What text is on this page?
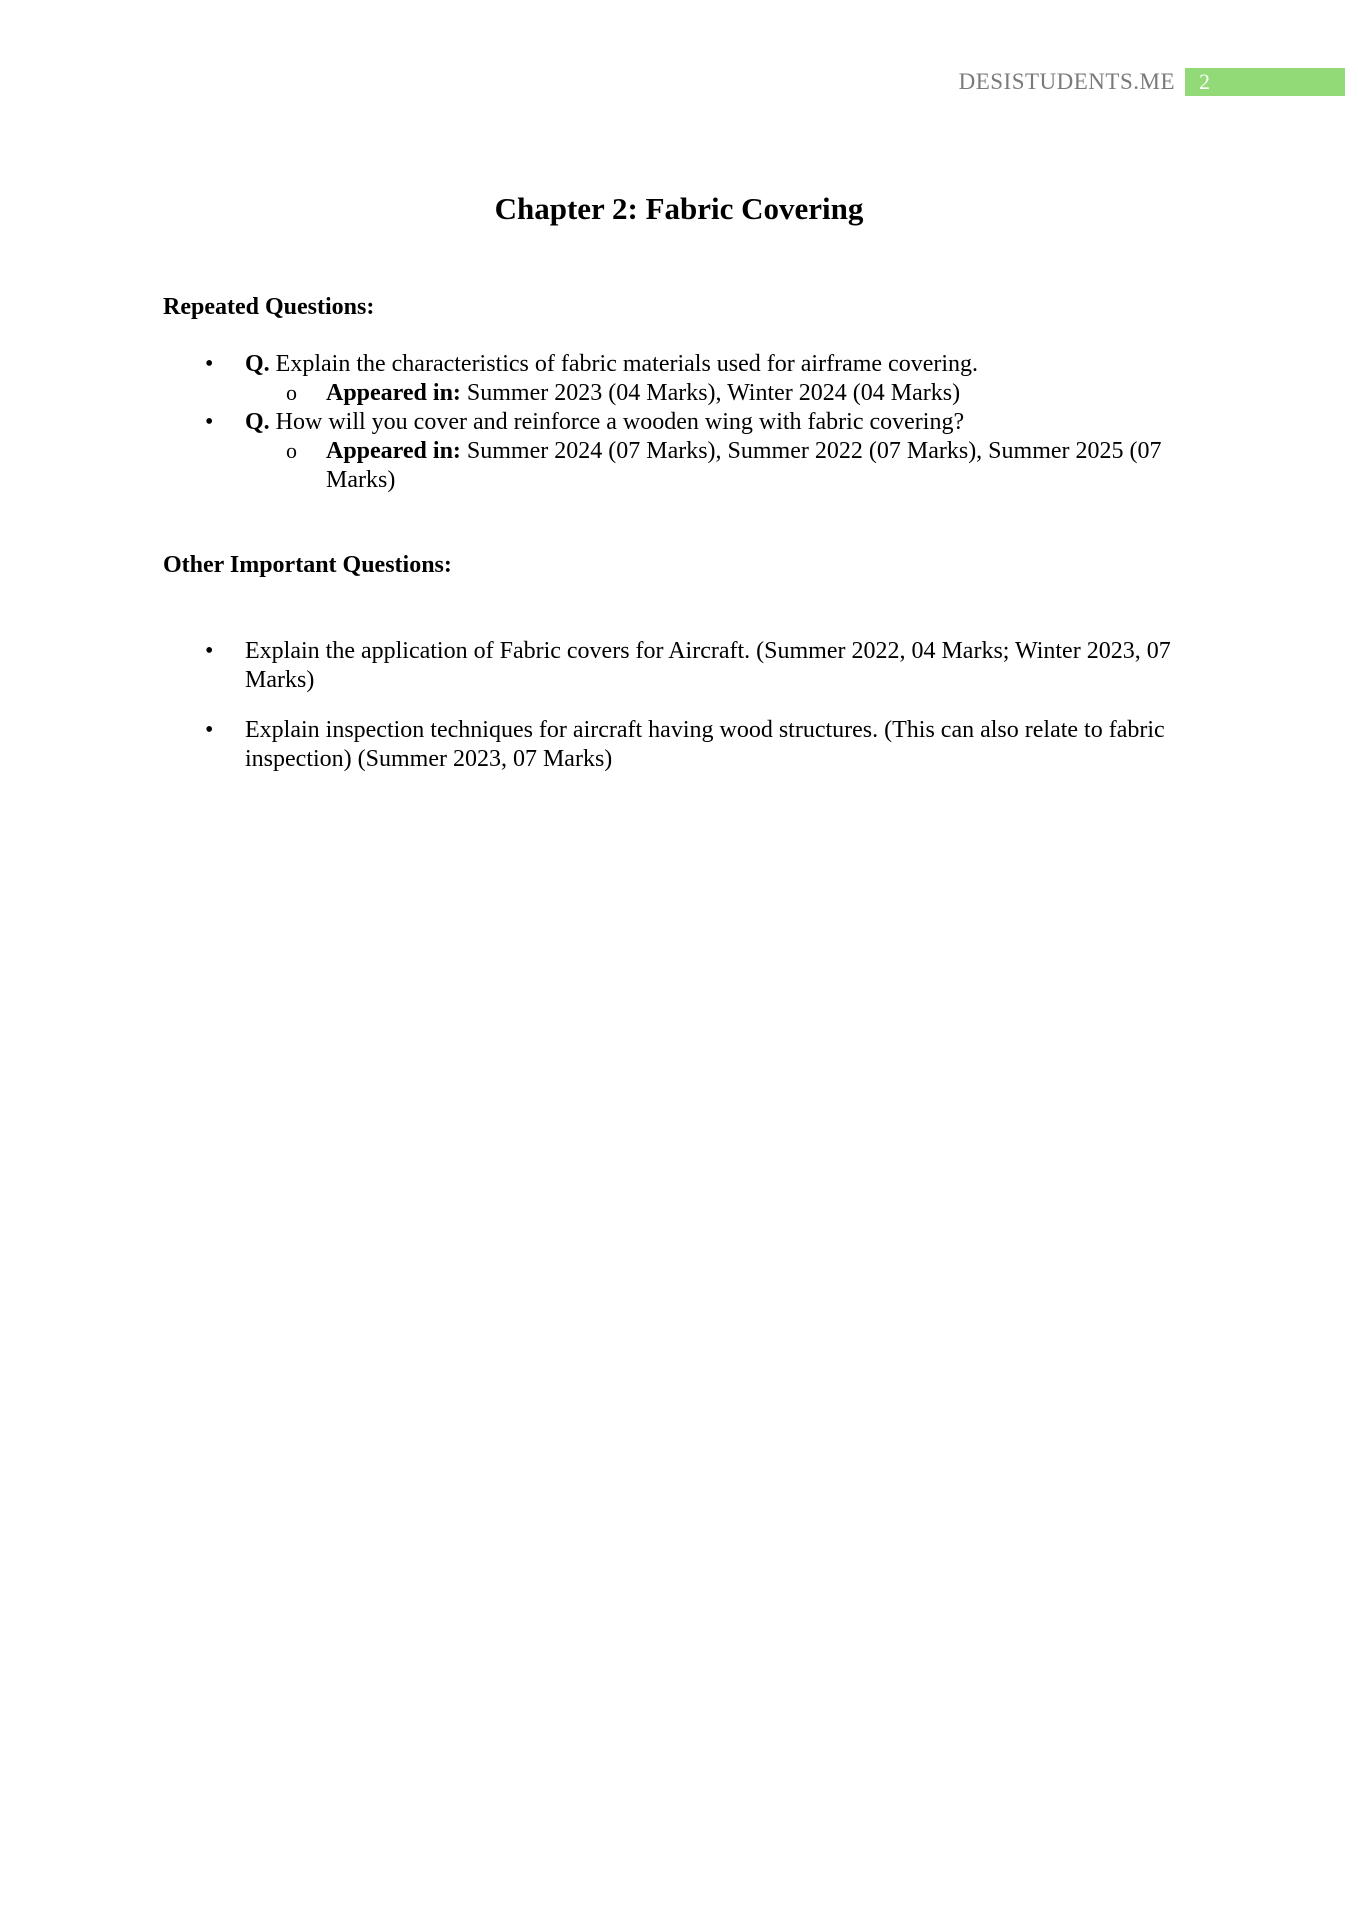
DESISTUDENTS.ME	2
Chapter 2: Fabric Covering
Repeated Questions:
• Q. Explain the characteristics of fabric materials used for airframe covering.
o Appeared in: Summer 2023 (04 Marks), Winter 2024 (04 Marks)
• Q. How will you cover and reinforce a wooden wing with fabric covering?
o Appeared in: Summer 2024 (07 Marks), Summer 2022 (07 Marks), Summer 2025 (07 Marks)
Other Important Questions:
• Explain the application of Fabric covers for Aircraft. (Summer 2022, 04 Marks; Winter 2023, 07 Marks)
• Explain inspection techniques for aircraft having wood structures. (This can also relate to fabric inspection) (Summer 2023, 07 Marks)
